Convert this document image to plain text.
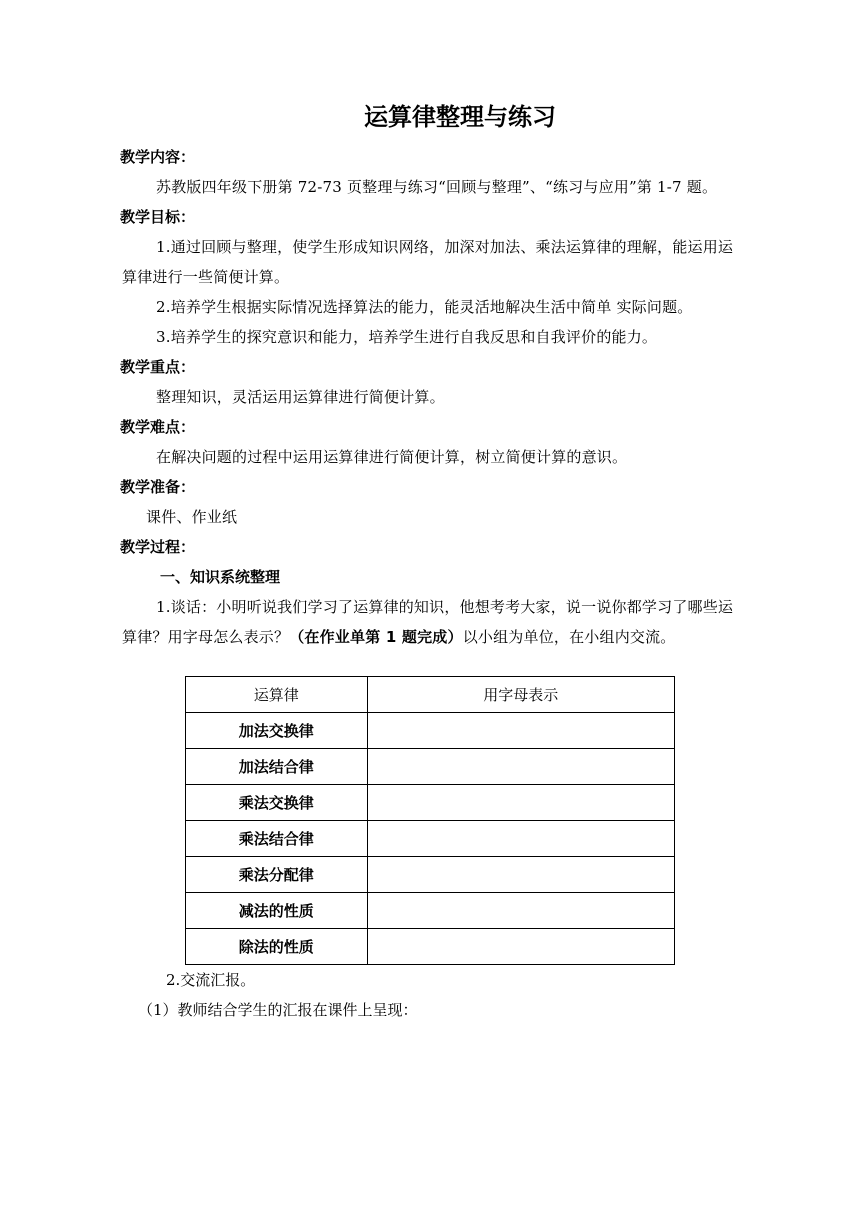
运算律整理与练习
教学内容：

苏教版四年级下册第 72-73 页整理与练习“回顾与整理”、“练习与应用”第 1-7 题。

教学目标：

1.通过回顾与整理，使学生形成知识网络，加深对加法、乘法运算律的理解，能运用运算律进行一些简便计算。

2.培养学生根据实际情况选择算法的能力，能灵活地解决生活中简单 实际问题。

3.培养学生的探究意识和能力，培养学生进行自我反思和自我评价的能力。

教学重点：

整理知识，灵活运用运算律进行简便计算。

教学难点：

在解决问题的过程中运用运算律进行简便计算，树立简便计算的意识。

教学准备：

课件、作业纸

教学过程：
一、知识系统整理

1.谈话：小明听说我们学习了运算律的知识，他想考考大家，说一说你都学习了哪些运算律？用字母怎么表示？（在作业单第 1 题完成）以小组为单位，在小组内交流。

运算律	用字母表示
加法交换律	
加法结合律	
乘法交换律	
乘法结合律	
乘法分配律	
减法的性质	
除法的性质	

2.交流汇报。

（1）教师结合学生的汇报在课件上呈现：
